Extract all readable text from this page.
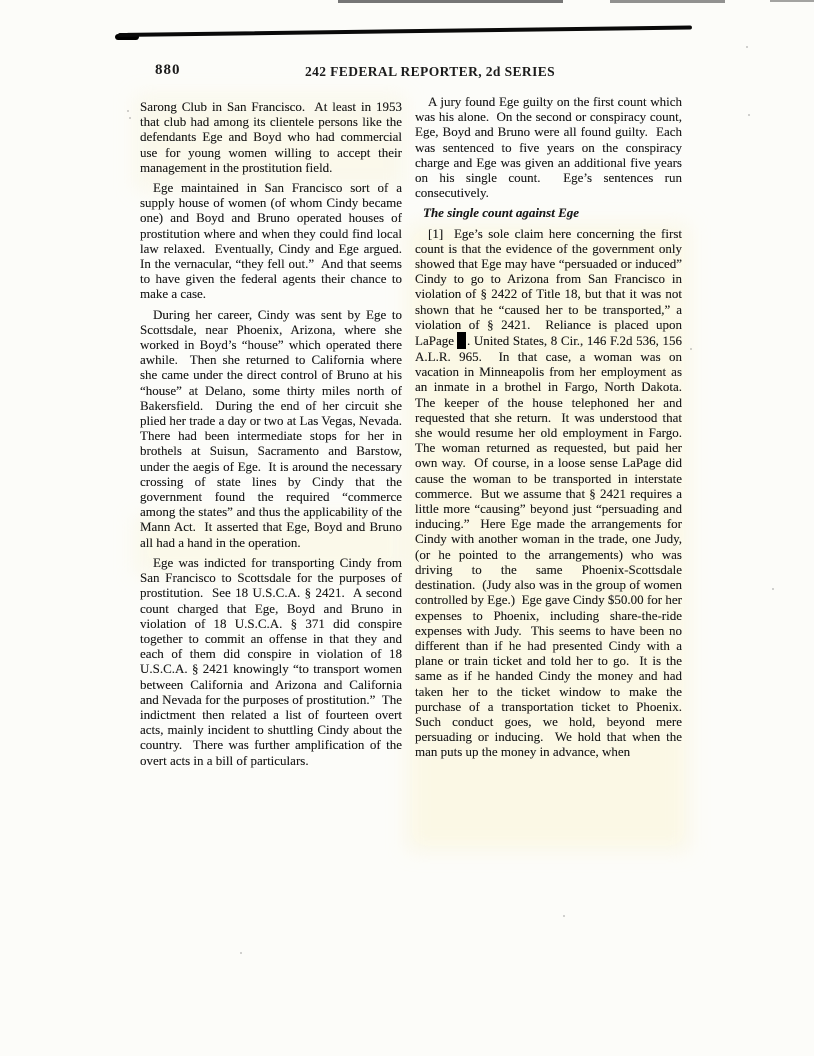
880	242 FEDERAL REPORTER, 2d SERIES

Sarong Club in San Francisco.  At least in 1953 that club had among its clientele persons like the defendants Ege and Boyd who had commercial use for young women willing to accept their management in the prostitution field.

Ege maintained in San Francisco sort of a supply house of women (of whom Cindy became one) and Boyd and Bruno operated houses of prostitution where and when they could find local law relaxed.  Eventually, Cindy and Ege argued.  In the vernacular, “they fell out.”  And that seems to have given the federal agents their chance to make a case.

During her career, Cindy was sent by Ege to Scottsdale, near Phoenix, Arizona, where she worked in Boyd’s “house” which operated there awhile.  Then she returned to California where she came under the direct control of Bruno at his “house” at Delano, some thirty miles north of Bakersfield.  During the end of her circuit she plied her trade a day or two at Las Vegas, Nevada.  There had been intermediate stops for her in brothels at Suisun, Sacramento and Barstow, under the aegis of Ege.  It is around the necessary crossing of state lines by Cindy that the government found the required “commerce among the states” and thus the applicability of the Mann Act.  It asserted that Ege, Boyd and Bruno all had a hand in the operation.

Ege was indicted for transporting Cindy from San Francisco to Scottsdale for the purposes of prostitution.  See 18 U.S.C.A. § 2421.  A second count charged that Ege, Boyd and Bruno in violation of 18 U.S.C.A. § 371 did conspire together to commit an offense in that they and each of them did conspire in violation of 18 U.S.C.A. § 2421 knowingly “to transport women between California and Arizona and California and Nevada for the purposes of prostitution.”  The indictment then related a list of fourteen overt acts, mainly incident to shuttling Cindy about the country.  There was further amplification of the overt acts in a bill of particulars.

A jury found Ege guilty on the first count which was his alone.  On the second or conspiracy count, Ege, Boyd and Bruno were all found guilty.  Each was sentenced to five years on the conspiracy charge and Ege was given an additional five years on his single count.  Ege’s sentences run consecutively.

The single count against Ege

[1]  Ege’s sole claim here concerning the first count is that the evidence of the government only showed that Ege may have “persuaded or induced” Cindy to go to Arizona from San Francisco in violation of § 2422 of Title 18, but that it was not shown that he “caused her to be transported,” a violation of § 2421.  Reliance is placed upon LaPage . United States, 8 Cir., 146 F.2d 536, 156 A.L.R. 965.  In that case, a woman was on vacation in Minneapolis from her employment as an inmate in a brothel in Fargo, North Dakota.  The keeper of the house telephoned her and requested that she return.  It was understood that she would resume her old employment in Fargo.  The woman returned as requested, but paid her own way.  Of course, in a loose sense LaPage did cause the woman to be transported in interstate commerce.  But we assume that § 2421 requires a little more “causing” beyond just “persuading and inducing.”  Here Ege made the arrangements for Cindy with another woman in the trade, one Judy, (or he pointed to the arrangements) who was driving to the same Phoenix-Scottsdale destination.  (Judy also was in the group of women controlled by Ege.)  Ege gave Cindy $50.00 for her expenses to Phoenix, including share-the-ride expenses with Judy.  This seems to have been no different than if he had presented Cindy with a plane or train ticket and told her to go.  It is the same as if he handed Cindy the money and had taken her to the ticket window to make the purchase of a transportation ticket to Phoenix.  Such conduct goes, we hold, beyond mere persuading or inducing.  We hold that when the man puts up the money in advance, when
